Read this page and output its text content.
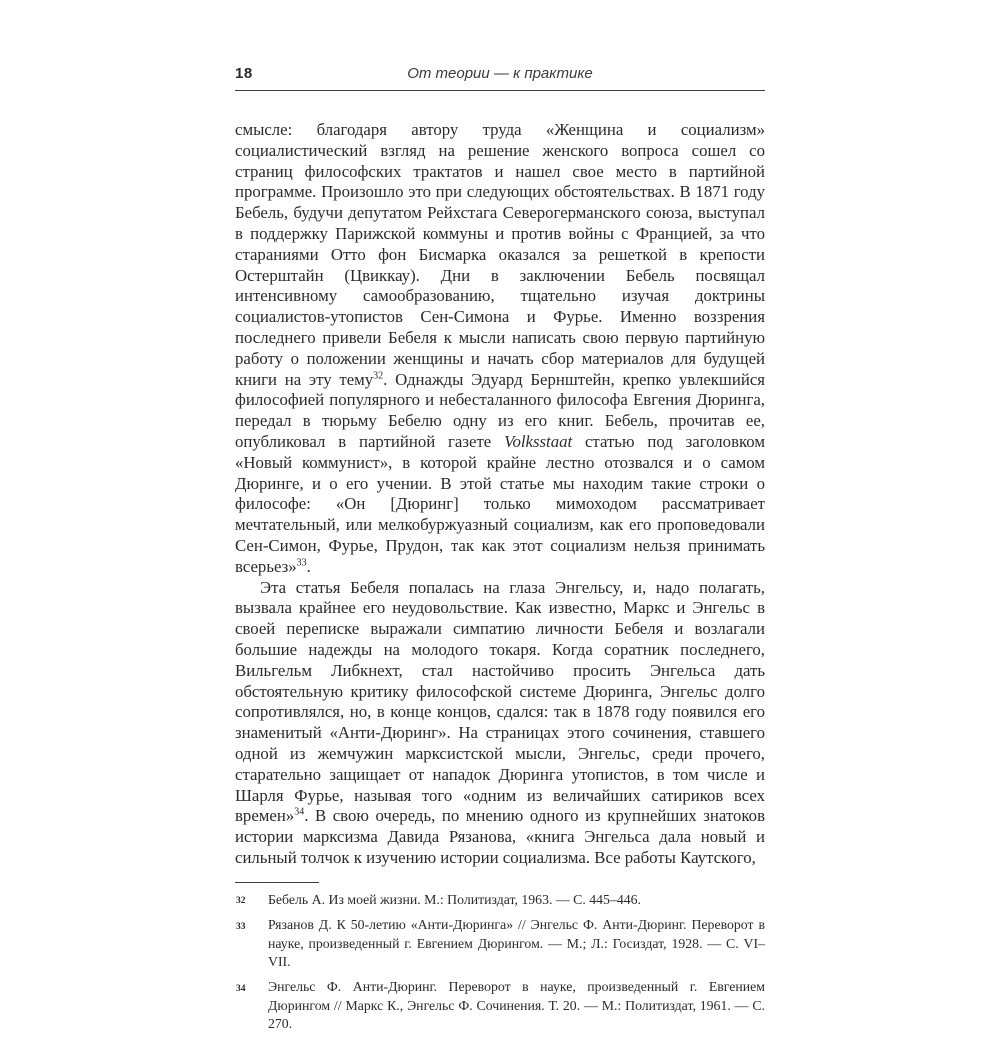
18	От теории — к практике

смысле: благодаря автору труда «Женщина и социализм» социалистический взгляд на решение женского вопроса сошел со страниц философских трактатов и нашел свое место в партийной программе. Произошло это при следующих обстоятельствах. В 1871 году Бебель, будучи депутатом Рейхстага Северогерманского союза, выступал в поддержку Парижской коммуны и против войны с Францией, за что стараниями Отто фон Бисмарка оказался за решеткой в крепости Остерштайн (Цвиккау). Дни в заключении Бебель посвящал интенсивному самообразованию, тщательно изучая доктрины социалистов-утопистов Сен-Симона и Фурье. Именно воззрения последнего привели Бебеля к мысли написать свою первую партийную работу о положении женщины и начать сбор материалов для будущей книги на эту тему$^{32}$. Однажды Эдуард Бернштейн, крепко увлекшийся философией популярного и небесталанного философа Евгения Дюринга, передал в тюрьму Бебелю одну из его книг. Бебель, прочитав ее, опубликовал в партийной газете Volksstaat статью под заголовком «Новый коммунист», в которой крайне лестно отозвался и о самом Дюринге, и о его учении. В этой статье мы находим такие строки о философе: «Он [Дюринг] только мимоходом рассматривает мечтательный, или мелкобуржуазный социализм, как его проповедовали Сен-Симон, Фурье, Прудон, так как этот социализм нельзя принимать всерьез»$^{33}$.

Эта статья Бебеля попалась на глаза Энгельсу, и, надо полагать, вызвала крайнее его неудовольствие. Как известно, Маркс и Энгельс в своей переписке выражали симпатию личности Бебеля и возлагали большие надежды на молодого токаря. Когда соратник последнего, Вильгельм Либкнехт, стал настойчиво просить Энгельса дать обстоятельную критику философской системе Дюринга, Энгельс долго сопротивлялся, но, в конце концов, сдался: так в 1878 году появился его знаменитый «Анти-Дюринг». На страницах этого сочинения, ставшего одной из жемчужин марксистской мысли, Энгельс, среди прочего, старательно защищает от нападок Дюринга утопистов, в том числе и Шарля Фурье, называя того «одним из величайших сатириков всех времен»$^{34}$. В свою очередь, по мнению одного из крупнейших знатоков истории марксизма Давида Рязанова, «книга Энгельса дала новый и сильный толчок к изучению истории социализма. Все работы Каутского,

32 Бебель А. Из моей жизни. М.: Политиздат, 1963. — С. 445–446.
33 Рязанов Д. К 50-летию «Анти-Дюринга» // Энгельс Ф. Анти-Дюринг. Переворот в науке, произведенный г. Евгением Дюрингом. — М.; Л.: Госиздат, 1928. — С. VI–VII.
34 Энгельс Ф. Анти-Дюринг. Переворот в науке, произведенный г. Евгением Дюрингом // Маркс К., Энгельс Ф. Сочинения. Т. 20. — М.: Политиздат, 1961. — С. 270.
